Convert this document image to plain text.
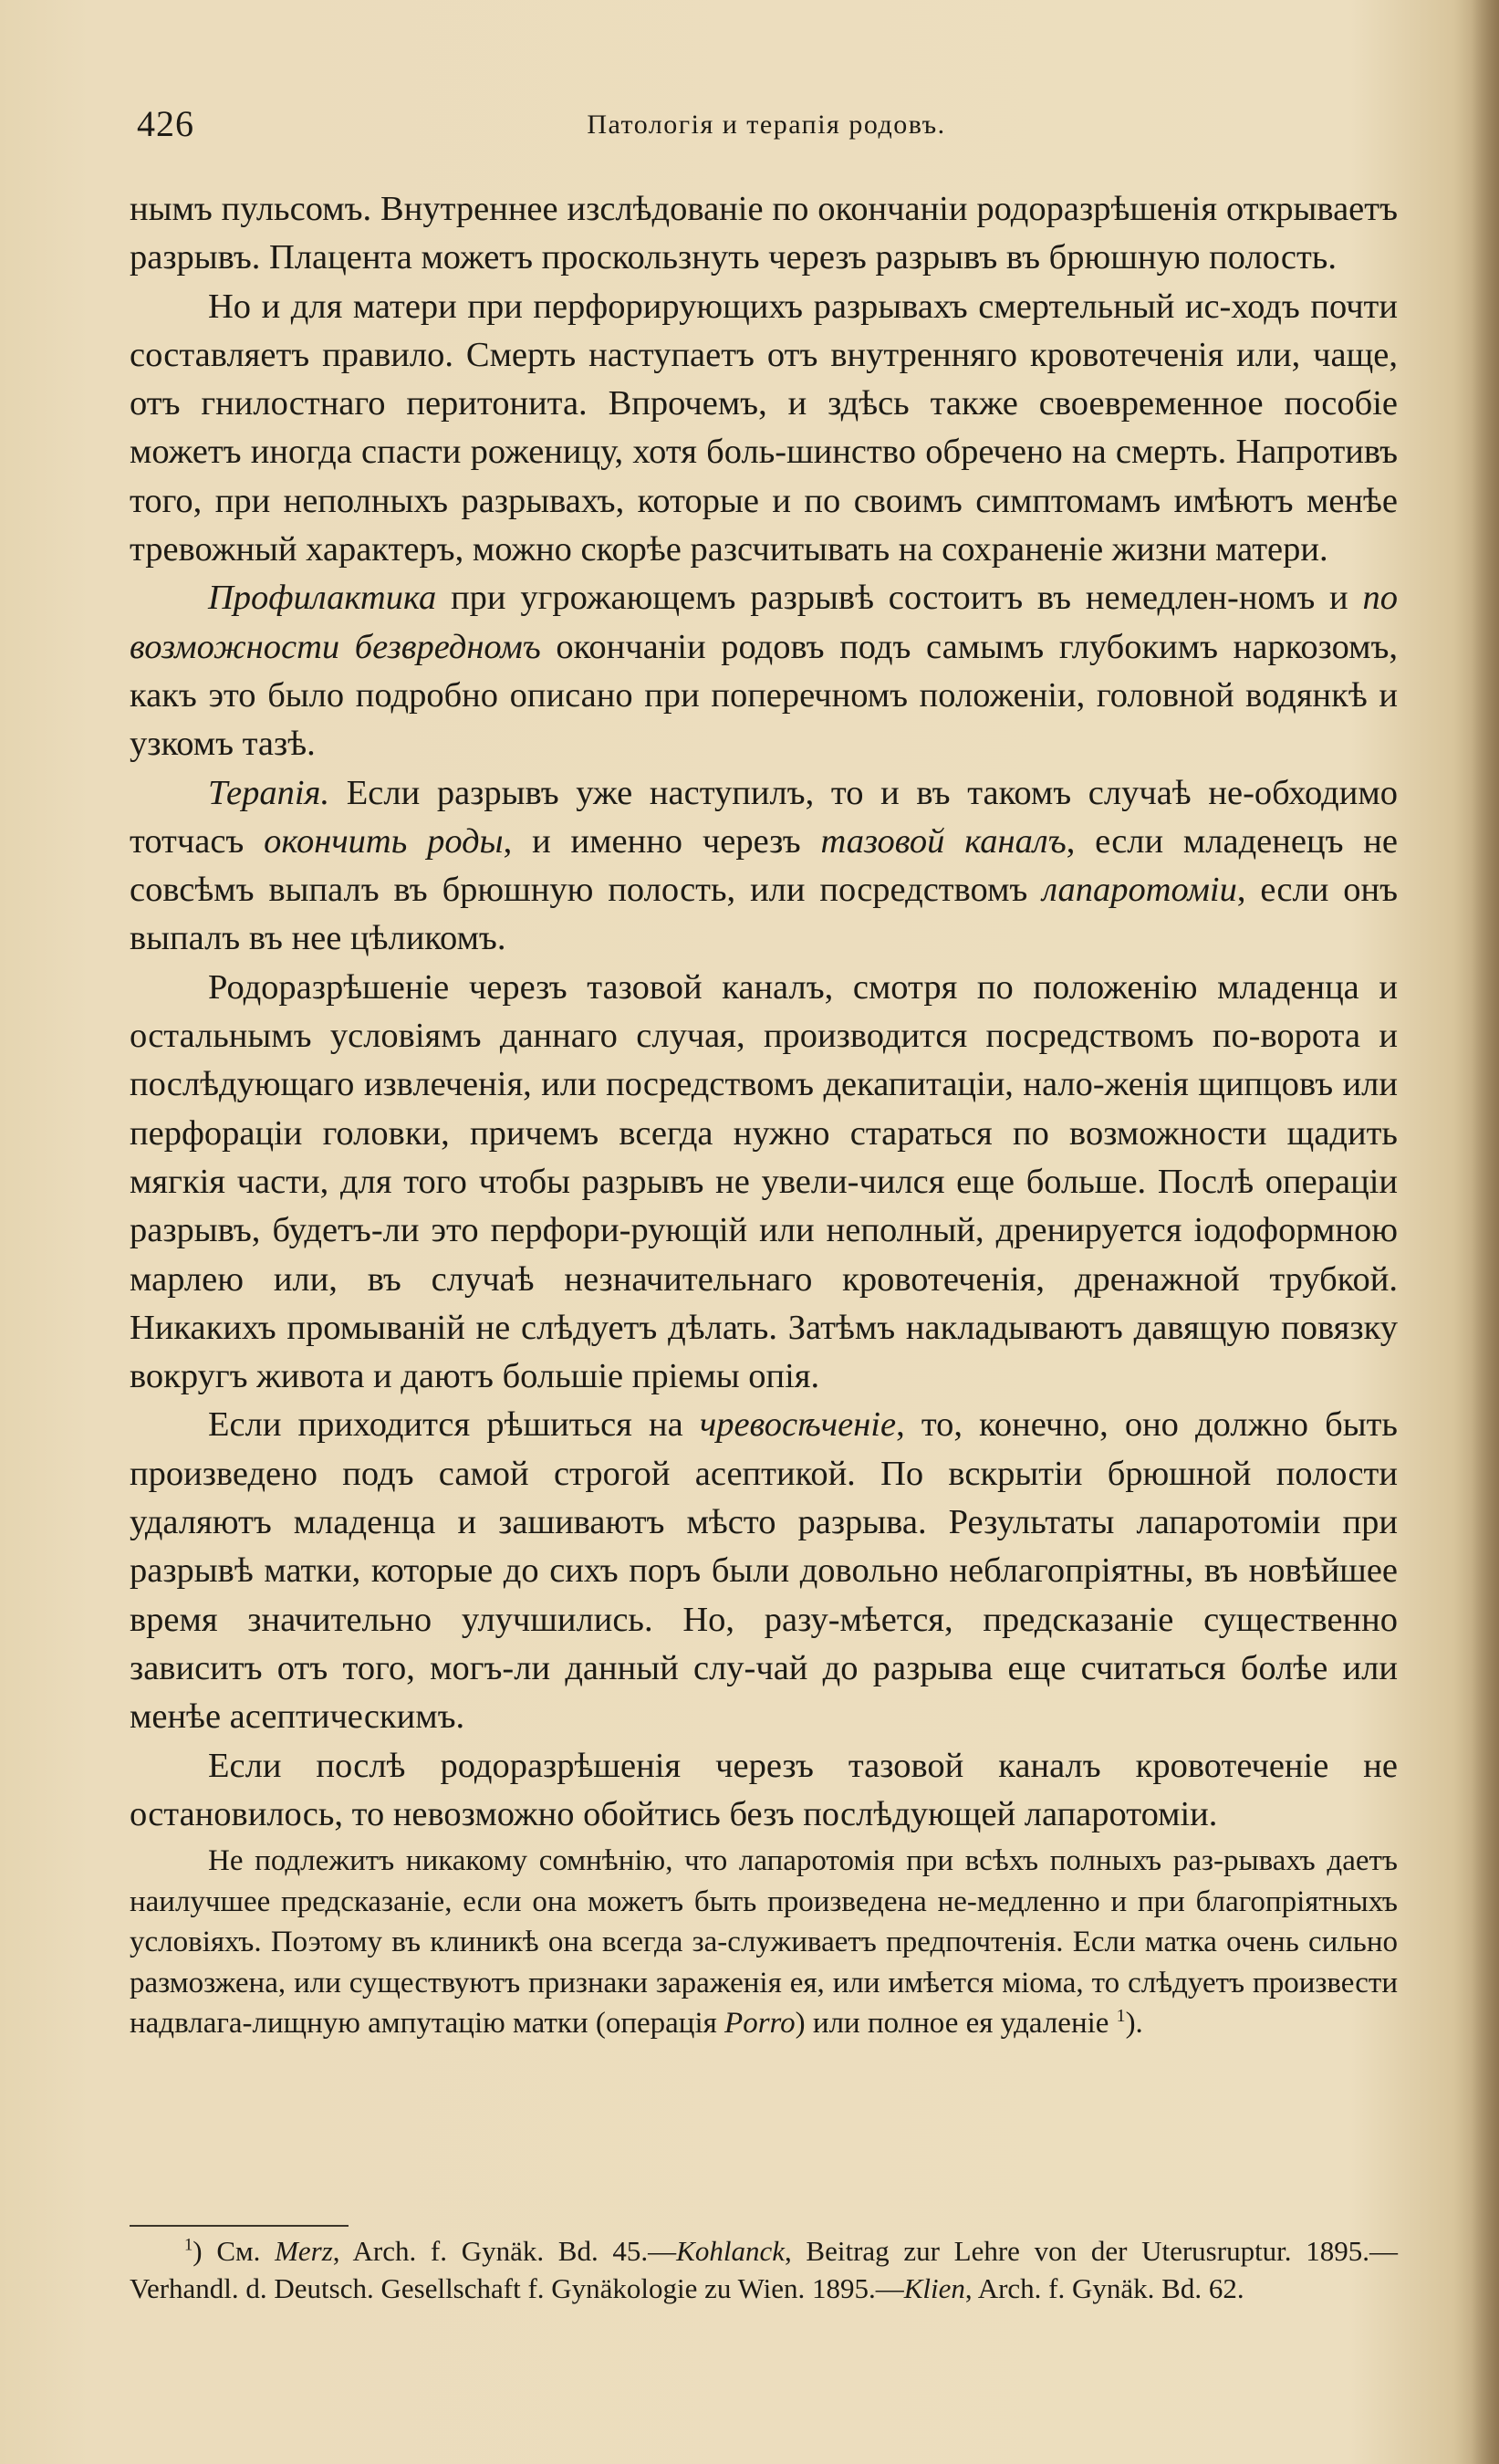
426	Патологія и терапія родовъ.

нымъ пульсомъ. Внутреннее изслѣдованіе по окончаніи родоразрѣшенія открываетъ разрывъ. Плацента можетъ проскользнуть черезъ разрывъ въ брюшную полость.

Но и для матери при перфорирующихъ разрывахъ смертельный ис-ходъ почти составляетъ правило. Смерть наступаетъ отъ внутренняго кровотеченія или, чаще, отъ гнилостнаго перитонита. Впрочемъ, и здѣсь также своевременное пособіе можетъ иногда спасти роженицу, хотя боль-шинство обречено на смерть. Напротивъ того, при неполныхъ разрывахъ, которые и по своимъ симптомамъ имѣютъ менѣе тревожный характеръ, можно скорѣе разсчитывать на сохраненіе жизни матери.

Профилактика при угрожающемъ разрывѣ состоитъ въ немедлен-номъ и по возможности безвредномъ окончаніи родовъ подъ самымъ глубокимъ наркозомъ, какъ это было подробно описано при поперечномъ положеніи, головной водянкѣ и узкомъ тазѣ.

Терапія. Если разрывъ уже наступилъ, то и въ такомъ случаѣ не-обходимо тотчасъ окончить роды, и именно черезъ тазовой каналъ, если младенецъ не совсѣмъ выпалъ въ брюшную полость, или посредствомъ лапаротоміи, если онъ выпалъ въ нее цѣликомъ.

Родоразрѣшеніе черезъ тазовой каналъ, смотря по положенію младенца и остальнымъ условіямъ даннаго случая, производится посредствомъ по-ворота и послѣдующаго извлеченія, или посредствомъ декапитаціи, нало-женія щипцовъ или перфораціи головки, причемъ всегда нужно стараться по возможности щадить мягкія части, для того чтобы разрывъ не увели-чился еще больше. Послѣ операціи разрывъ, будетъ-ли это перфори-рующій или неполный, дренируется іодоформною марлею или, въ случаѣ незначительнаго кровотеченія, дренажной трубкой. Никакихъ промываній не слѣдуетъ дѣлать. Затѣмъ накладываютъ давящую повязку вокругъ живота и даютъ большіе пріемы опія.

Если приходится рѣшиться на чревосѣченіе, то, конечно, оно должно быть произведено подъ самой строгой асептикой. По вскрытіи брюшной полости удаляютъ младенца и зашиваютъ мѣсто разрыва. Результаты лапаротоміи при разрывѣ матки, которые до сихъ поръ были довольно неблагопріятны, въ новѣйшее время значительно улучшились. Но, разу-мѣется, предсказаніе существенно зависитъ отъ того, могъ-ли данный слу-чай до разрыва еще считаться болѣе или менѣе асептическимъ.

Если послѣ родоразрѣшенія черезъ тазовой каналъ кровотеченіе не остановилось, то невозможно обойтись безъ послѣдующей лапаротоміи.

Не подлежитъ никакому сомнѣнію, что лапаротомія при всѣхъ полныхъ раз-рывахъ даетъ наилучшее предсказаніе, если она можетъ быть произведена не-медленно и при благопріятныхъ условіяхъ. Поэтому въ клиникѣ она всегда за-служиваетъ предпочтенія. Если матка очень сильно размозжена, или существуютъ признаки зараженія ея, или имѣется міома, то слѣдуетъ произвести надвлага-лищную ампутацію матки (операція Porro) или полное ея удаленіе $^1$).

$^1$) См. Merz, Arch. f. Gynäk. Bd. 45.—Kohlanck, Beitrag zur Lehre von der Uterusruptur. 1895.—Verhandl. d. Deutsch. Gesellschaft f. Gynäkologie zu Wien. 1895.—Klien, Arch. f. Gynäk. Bd. 62.
